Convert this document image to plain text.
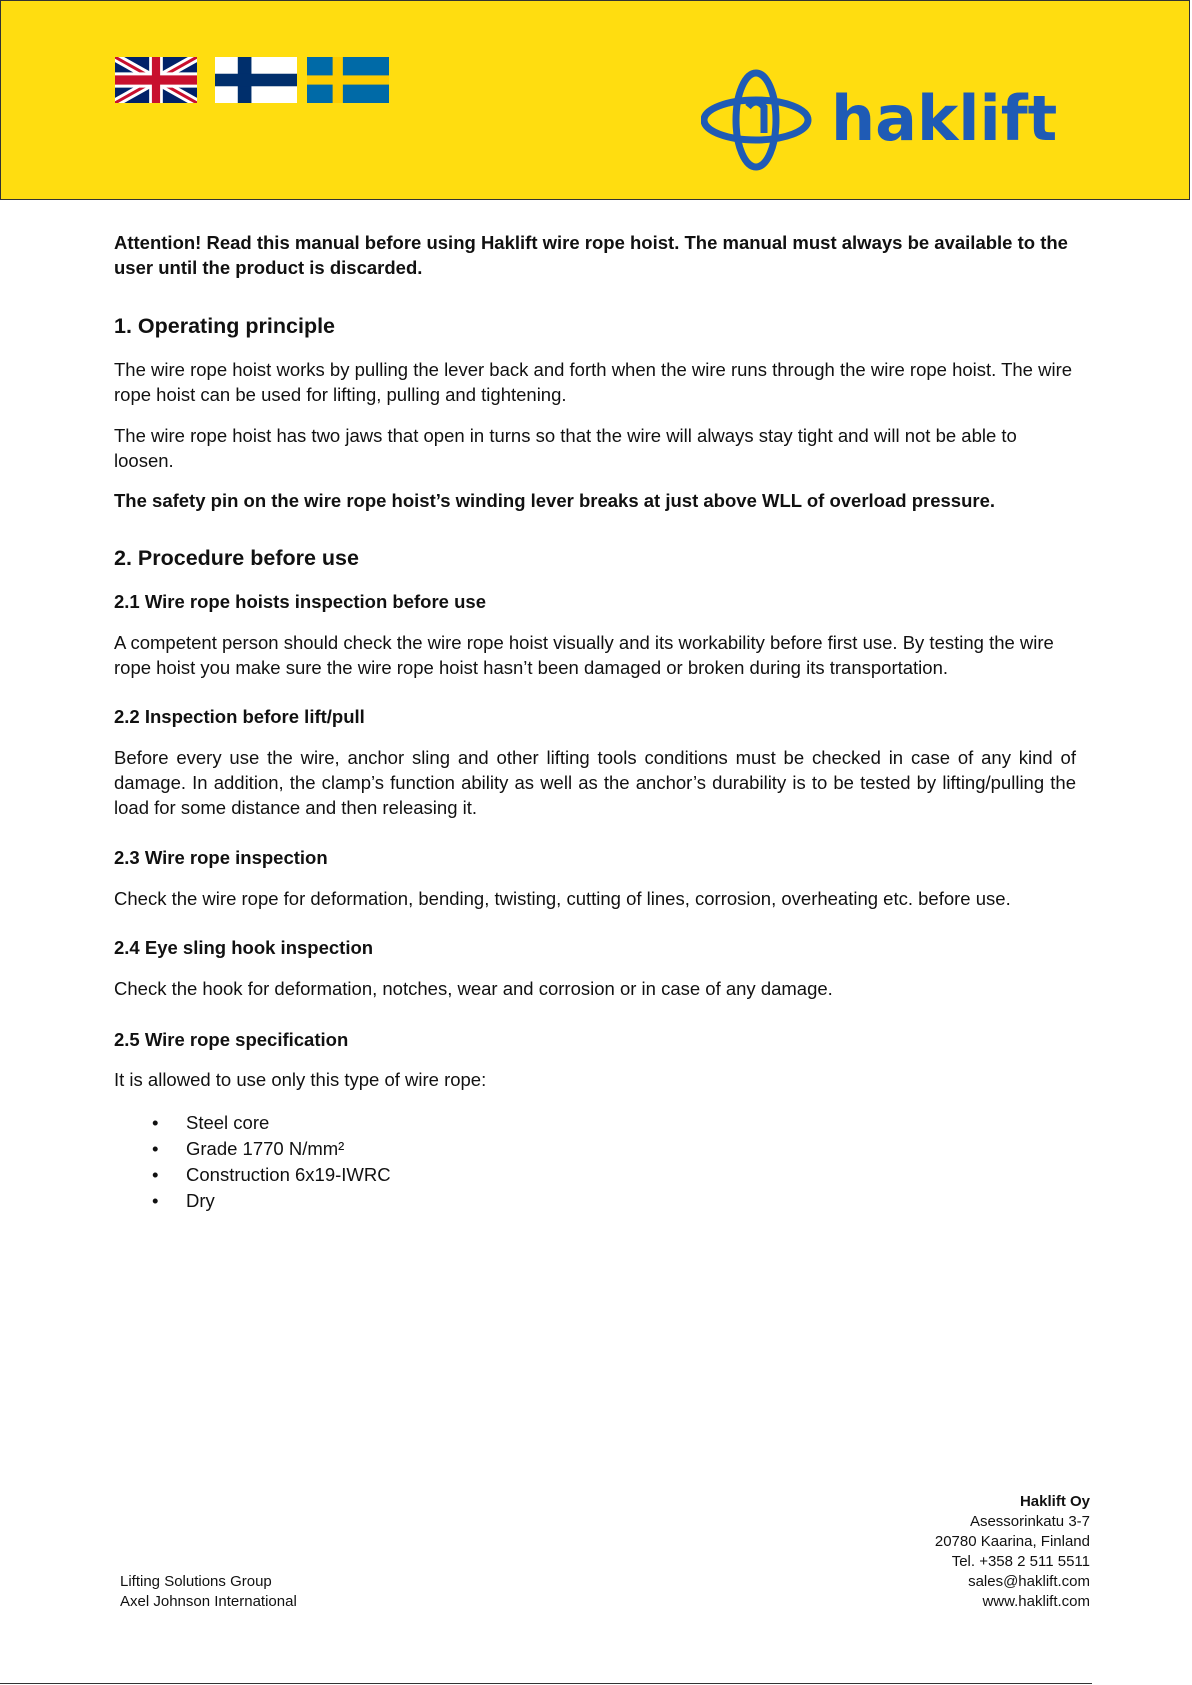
haklift

Attention! Read this manual before using Haklift wire rope hoist. The manual must always be available to the user until the product is discarded.

1. Operating principle

The wire rope hoist works by pulling the lever back and forth when the wire runs through the wire rope hoist. The wire rope hoist can be used for lifting, pulling and tightening.

The wire rope hoist has two jaws that open in turns so that the wire will always stay tight and will not be able to loosen.

The safety pin on the wire rope hoist’s winding lever breaks at just above WLL of overload pressure.

2. Procedure before use
2.1 Wire rope hoists inspection before use

A competent person should check the wire rope hoist visually and its workability before first use. By testing the wire rope hoist you make sure the wire rope hoist hasn’t been damaged or broken during its transportation.

2.2 Inspection before lift/pull

Before every use the wire, anchor sling and other lifting tools conditions must be checked in case of any kind of damage. In addition, the clamp’s function ability as well as the anchor’s durability is to be tested by lifting/pulling the load for some distance and then releasing it.

2.3 Wire rope inspection

Check the wire rope for deformation, bending, twisting, cutting of lines, corrosion, overheating etc. before use.

2.4 Eye sling hook inspection

Check the hook for deformation, notches, wear and corrosion or in case of any damage.

2.5 Wire rope specification

It is allowed to use only this type of wire rope:

• Steel core
• Grade 1770 N/mm²
• Construction 6x19-IWRC
• Dry
Lifting Solutions Group
Axel Johnson International
Haklift Oy
Asessorinkatu 3-7
20780 Kaarina, Finland
Tel. +358 2 511 5511
sales@haklift.com
www.haklift.com
